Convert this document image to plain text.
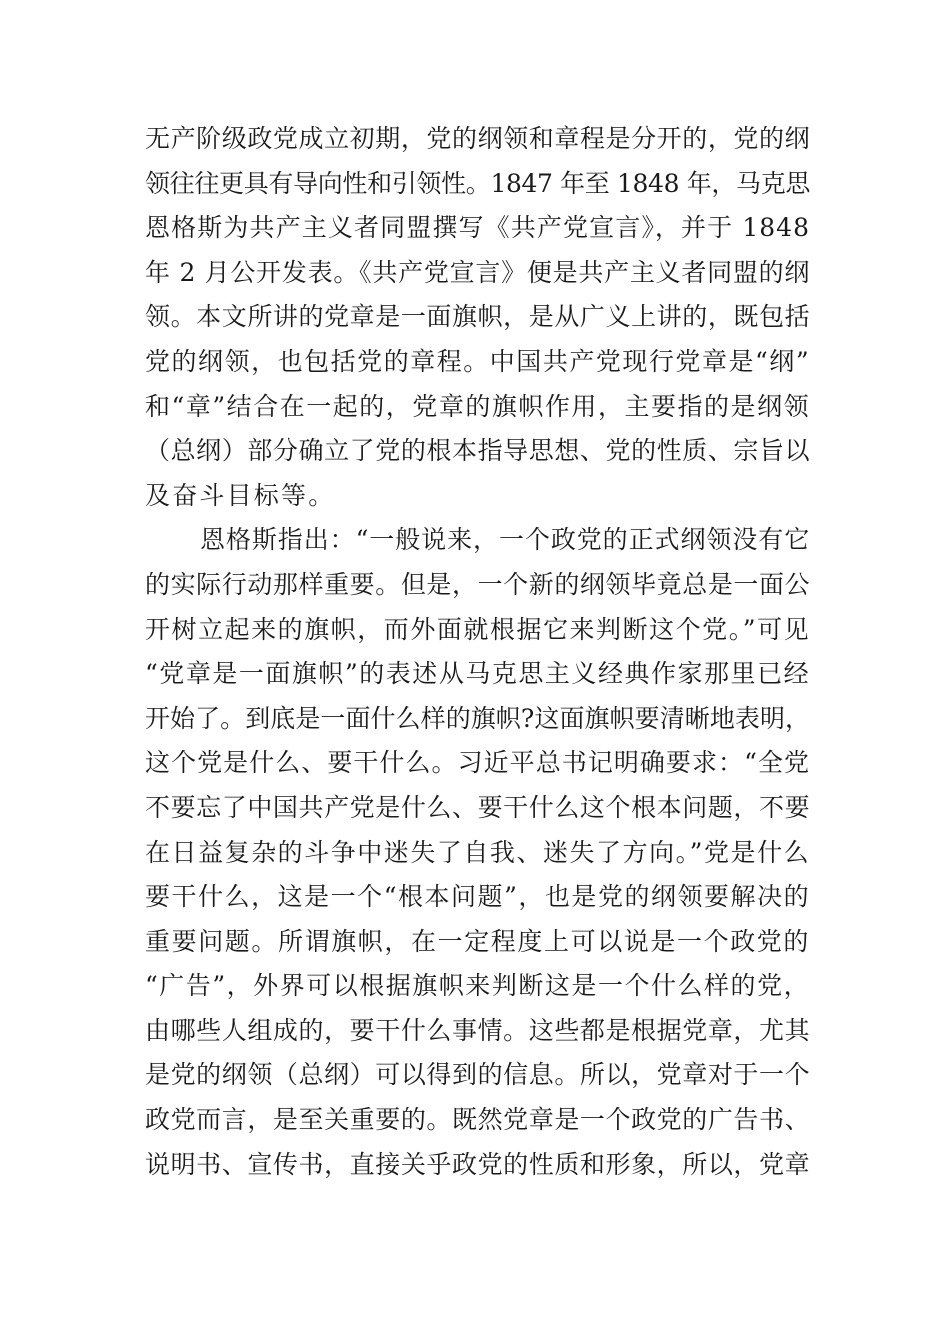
无产阶级政党成立初期，党的纲领和章程是分开的，党的纲
领往往更具有导向性和引领性。1847 年至 1848 年，马克思
恩格斯为共产主义者同盟撰写《共产党宣言》，并于 1848
年 2 月公开发表。《共产党宣言》便是共产主义者同盟的纲
领。本文所讲的党章是一面旗帜，是从广义上讲的，既包括
党的纲领，也包括党的章程。中国共产党现行党章是“纲”
和“章”结合在一起的，党章的旗帜作用，主要指的是纲领
（总纲）部分确立了党的根本指导思想、党的性质、宗旨以
及奋斗目标等。
恩格斯指出：“一般说来，一个政党的正式纲领没有它
的实际行动那样重要。但是，一个新的纲领毕竟总是一面公
开树立起来的旗帜，而外面就根据它来判断这个党。”可见
“党章是一面旗帜”的表述从马克思主义经典作家那里已经
开始了。到底是一面什么样的旗帜?这面旗帜要清晰地表明，
这个党是什么、要干什么。习近平总书记明确要求：“全党
不要忘了中国共产党是什么、要干什么这个根本问题，不要
在日益复杂的斗争中迷失了自我、迷失了方向。”党是什么
要干什么，这是一个“根本问题”，也是党的纲领要解决的
重要问题。所谓旗帜，在一定程度上可以说是一个政党的
“广告”，外界可以根据旗帜来判断这是一个什么样的党，
由哪些人组成的，要干什么事情。这些都是根据党章，尤其
是党的纲领（总纲）可以得到的信息。所以，党章对于一个
政党而言，是至关重要的。既然党章是一个政党的广告书、
说明书、宣传书，直接关乎政党的性质和形象，所以，党章
